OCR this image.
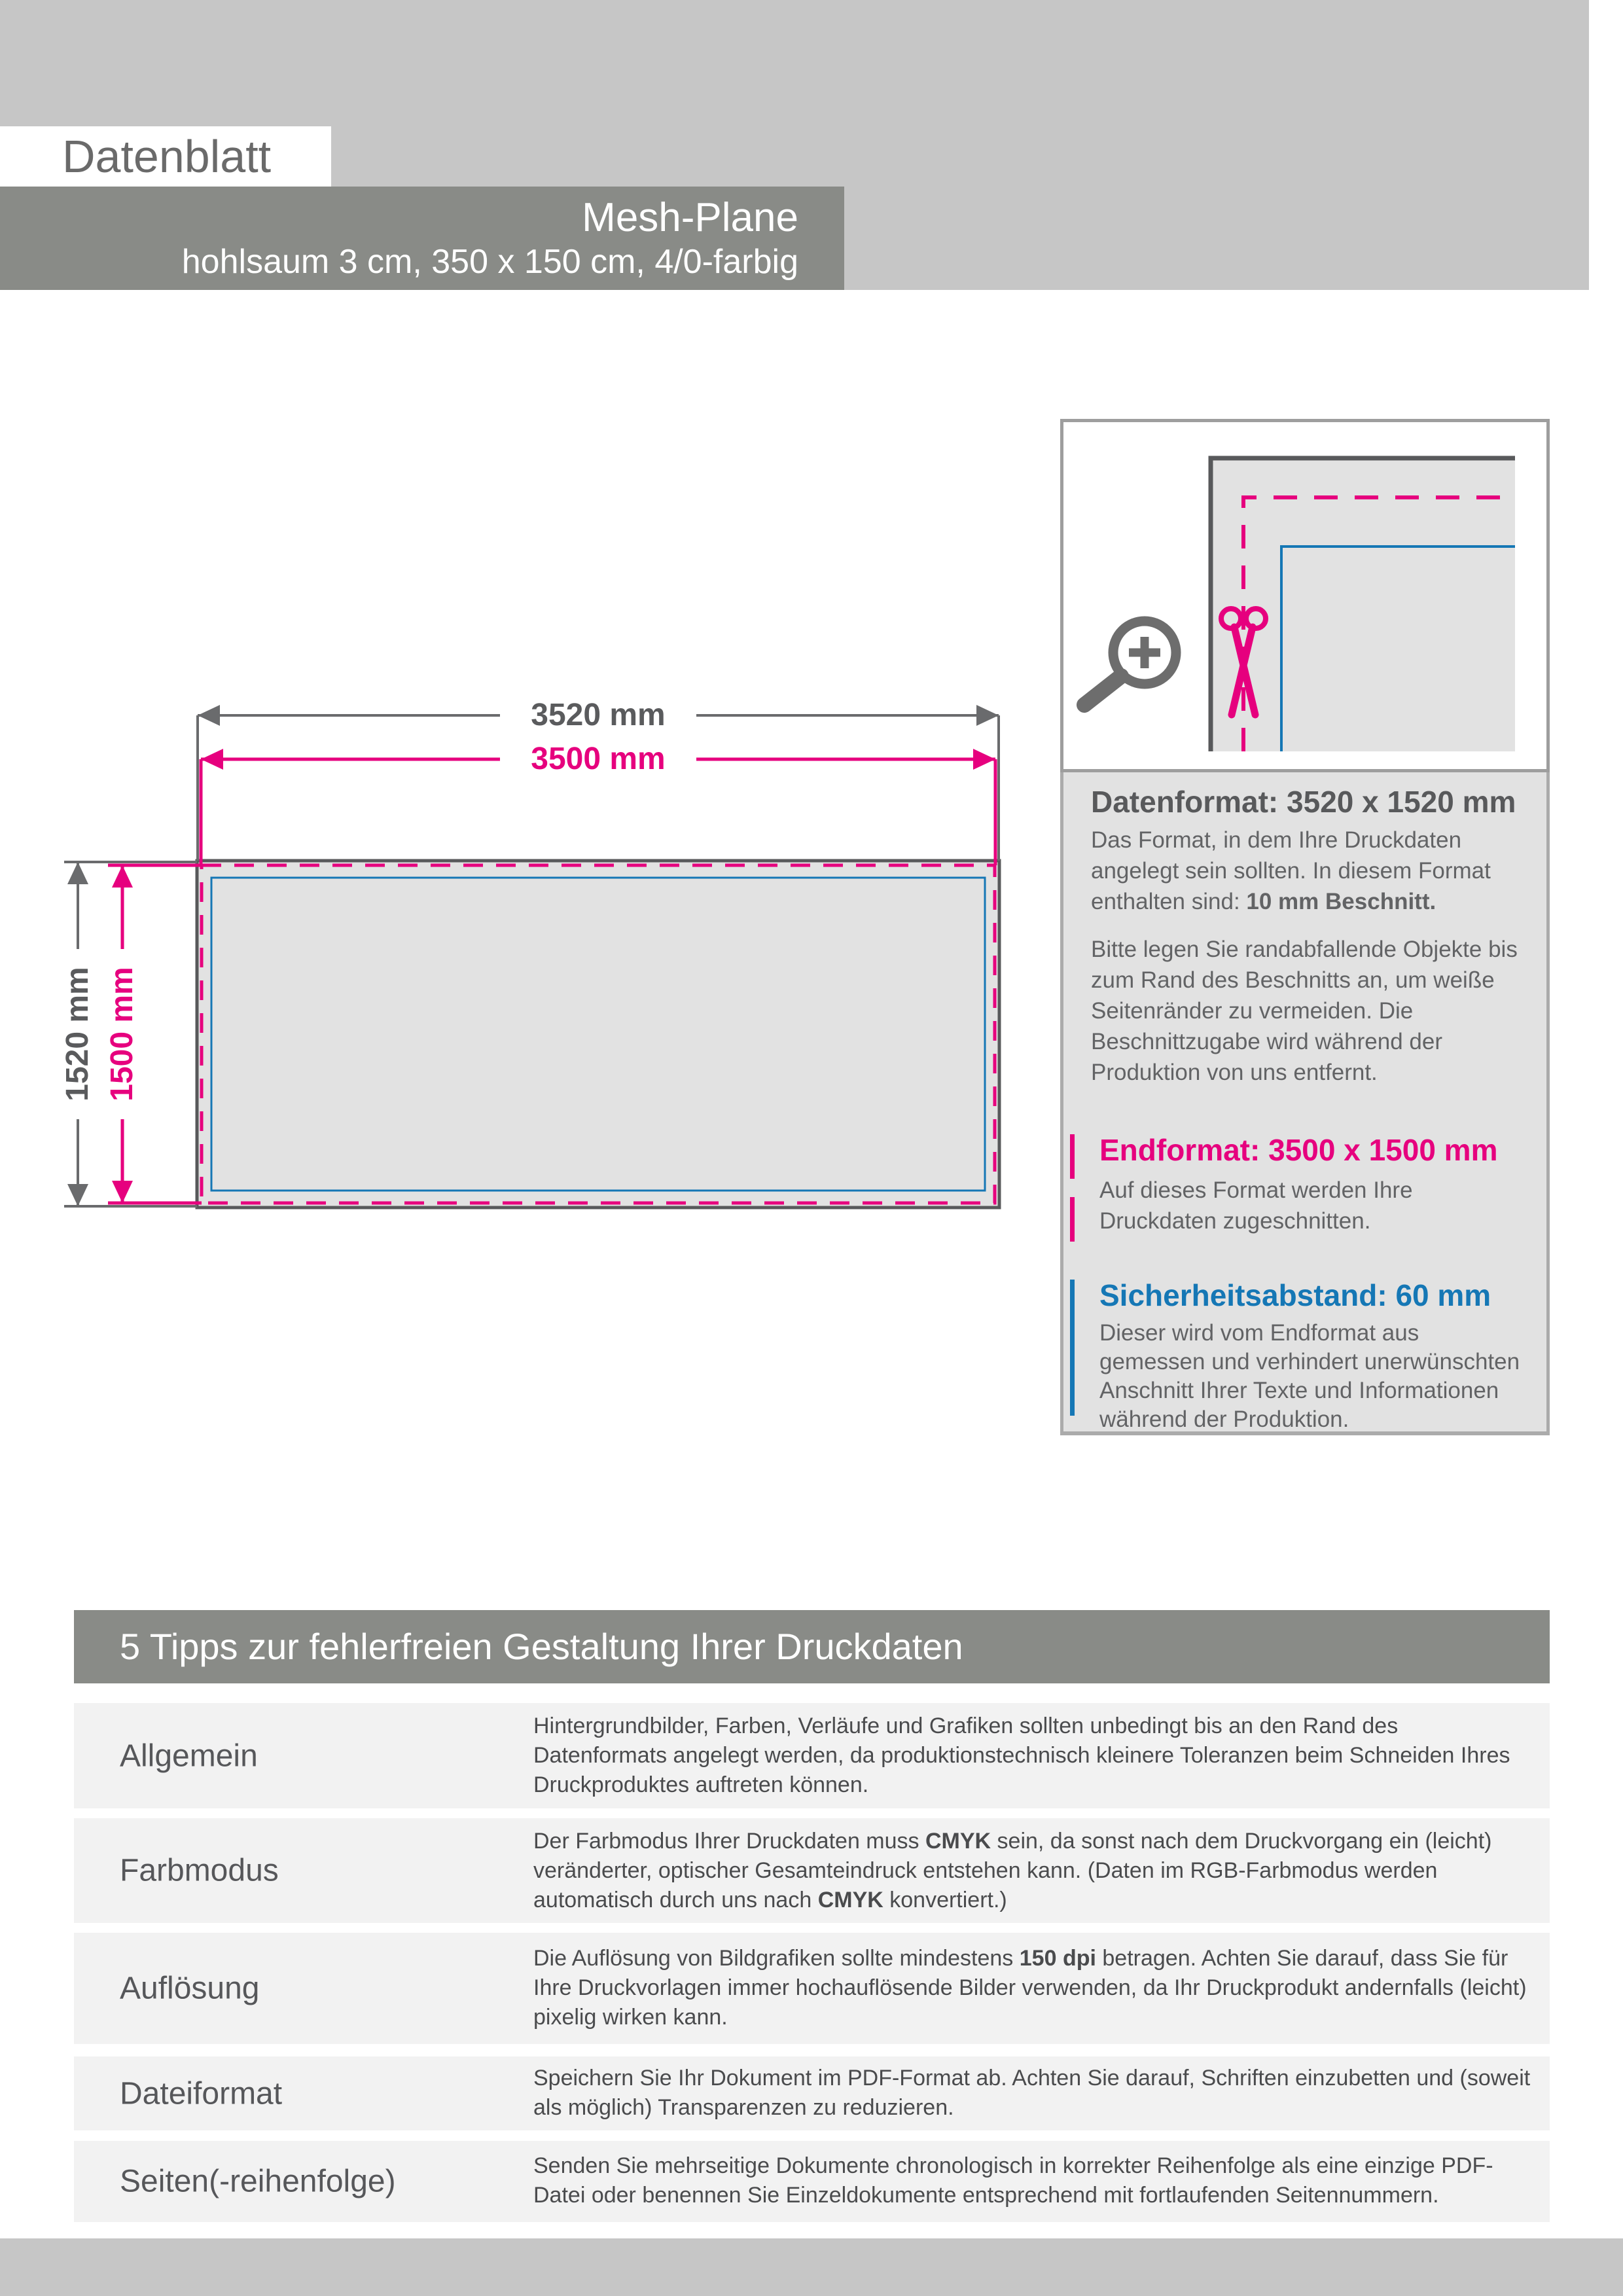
Datenblatt
Mesh-Plane
hohlsaum 3 cm, 350 x 150 cm, 4/0-farbig
3520 mm
3500 mm
1520 mm 1500 mm
Datenformat: 3520 x 1520 mm
Das Format, in dem Ihre Druckdaten angelegt sein sollten. In diesem Format enthalten sind: 10 mm Beschnitt.
Bitte legen Sie randabfallende Objekte bis zum Rand des Beschnitts an, um weiße Seitenränder zu vermeiden. Die Beschnittzugabe wird während der Produktion von uns entfernt.
Endformat: 3500 x 1500 mm
Auf dieses Format werden Ihre Druckdaten zugeschnitten.
Sicherheitsabstand: 60 mm
Dieser wird vom Endformat aus gemessen und verhindert unerwünschten Anschnitt Ihrer Texte und Informationen während der Produktion.
5 Tipps zur fehlerfreien Gestaltung Ihrer Druckdaten
Allgemein
Hintergrundbilder, Farben, Verläufe und Grafiken sollten unbedingt bis an den Rand des Datenformats angelegt werden, da produktionstechnisch kleinere Toleranzen beim Schneiden Ihres Druckproduktes auftreten können.
Farbmodus
Der Farbmodus Ihrer Druckdaten muss CMYK sein, da sonst nach dem Druckvorgang ein (leicht) veränderter, optischer Gesamteindruck entstehen kann. (Daten im RGB-Farbmodus werden automatisch durch uns nach CMYK konvertiert.)
Auflösung
Die Auflösung von Bildgrafiken sollte mindestens 150 dpi betragen. Achten Sie darauf, dass Sie für Ihre Druckvorlagen immer hochauflösende Bilder verwenden, da Ihr Druckprodukt andernfalls (leicht) pixelig wirken kann.
Dateiformat	Speichern Sie Ihr Dokument im PDF-Format ab. Achten Sie darauf, Schriften einzubetten und (soweit als möglich) Transparenzen zu reduzieren.
Seiten(-reihenfolge)	Senden Sie mehrseitige Dokumente chronologisch in korrekter Reihenfolge als eine einzige PDF-Datei oder benennen Sie Einzeldokumente entsprechend mit fortlaufenden Seitennummern.
